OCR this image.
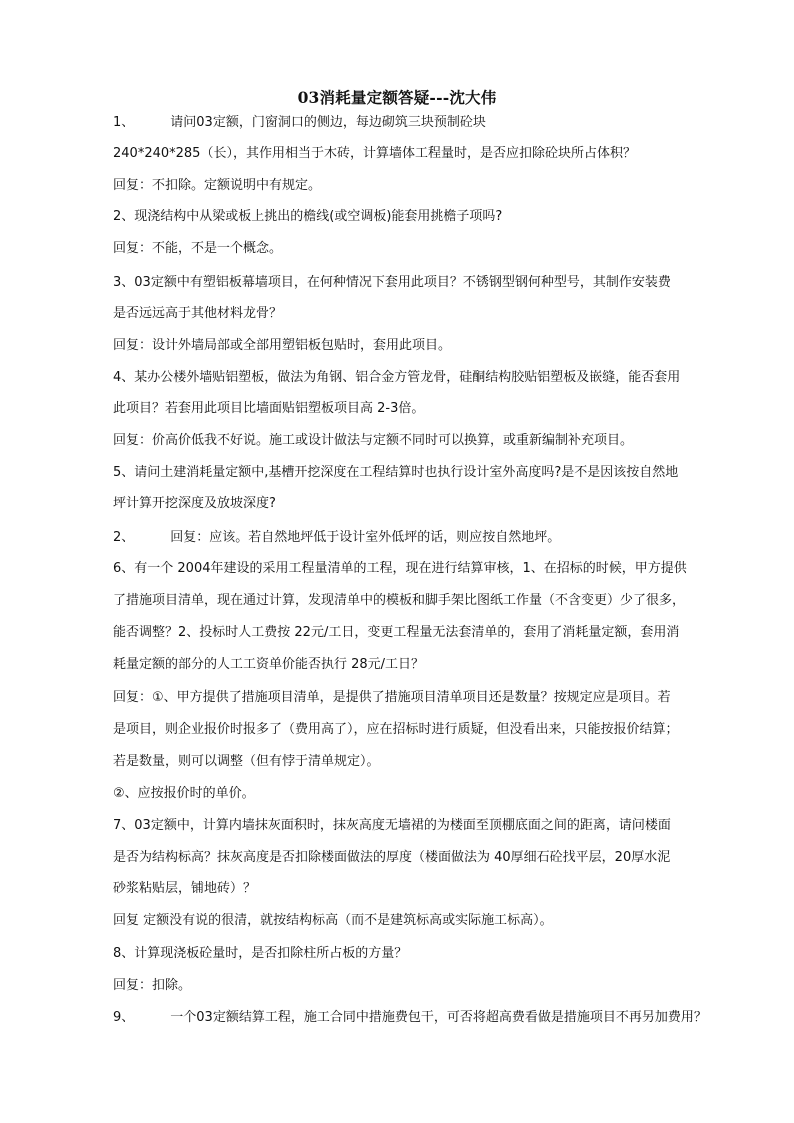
03消耗量定额答疑---沈大伟
1、	请问03定额，门窗洞口的侧边，每边砌筑三块预制砼块
240*240*285（长），其作用相当于木砖，计算墙体工程量时，是否应扣除砼块所占体积？
回复：不扣除。定额说明中有规定。
2、现浇结构中从梁或板上挑出的檐线(或空调板)能套用挑檐子项吗?
回复：不能，不是一个概念。
3、03定额中有塑铝板幕墙项目，在何种情况下套用此项目？不锈钢型钢何种型号，其制作安装费
是否远远高于其他材料龙骨？
回复：设计外墙局部或全部用塑铝板包贴时，套用此项目。
4、某办公楼外墙贴铝塑板，做法为角钢、铝合金方管龙骨，硅酮结构胶贴铝塑板及嵌缝，能否套用
此项目？若套用此项目比墙面贴铝塑板项目高 2-3倍。
回复：价高价低我不好说。施工或设计做法与定额不同时可以换算，或重新编制补充项目。
5、请问土建消耗量定额中,基槽开挖深度在工程结算时也执行设计室外高度吗?是不是因该按自然地
坪计算开挖深度及放坡深度?
2、	回复：应该。若自然地坪低于设计室外低坪的话，则应按自然地坪。
6、有一个 2004年建设的采用工程量清单的工程，现在进行结算审核，1、在招标的时候，甲方提供
了措施项目清单，现在通过计算，发现清单中的模板和脚手架比图纸工作量（不含变更）少了很多，
能否调整？2、投标时人工费按 22元/工日，变更工程量无法套清单的，套用了消耗量定额，套用消
耗量定额的部分的人工工资单价能否执行 28元/工日？
回复：①、甲方提供了措施项目清单，是提供了措施项目清单项目还是数量？按规定应是项目。若
是项目，则企业报价时报多了（费用高了），应在招标时进行质疑，但没看出来，只能按报价结算；
若是数量，则可以调整（但有悖于清单规定）。
②、应按报价时的单价。
7、03定额中，计算内墙抹灰面积时，抹灰高度无墙裙的为楼面至顶棚底面之间的距离，请问楼面
是否为结构标高？抹灰高度是否扣除楼面做法的厚度（楼面做法为 40厚细石砼找平层，20厚水泥
砂浆粘贴层，铺地砖）？
回复 定额没有说的很清，就按结构标高（而不是建筑标高或实际施工标高）。
8、计算现浇板砼量时，是否扣除柱所占板的方量？
回复：扣除。
9、	一个03定额结算工程，施工合同中措施费包干，可否将超高费看做是措施项目不再另加费用？
